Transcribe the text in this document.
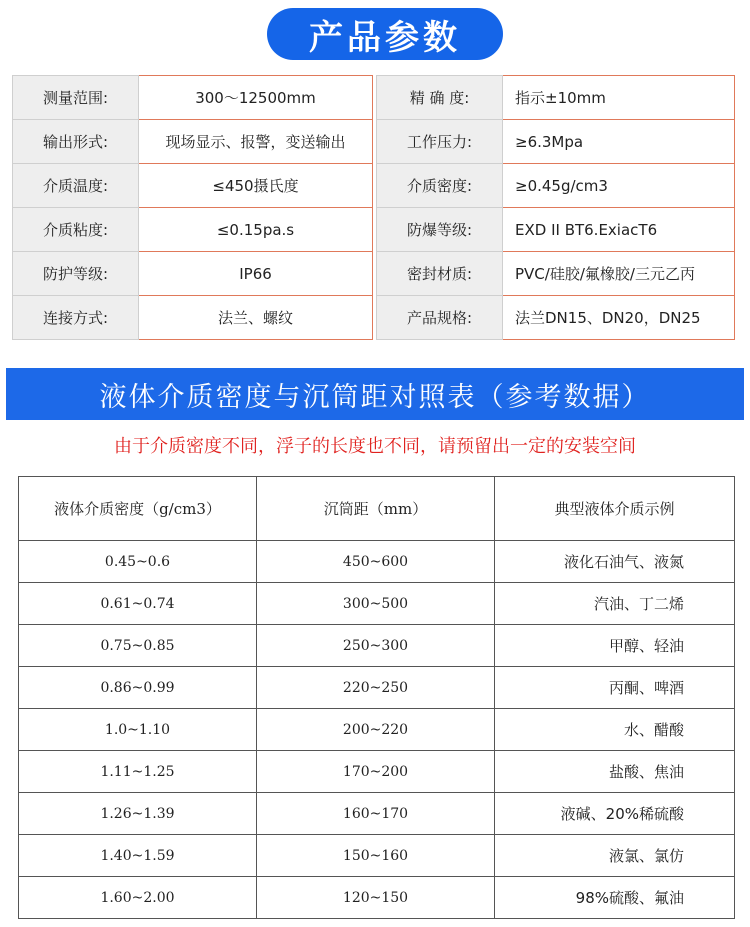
产品参数
测量范围:	300～12500mm		精 确 度:	指示±10mm
输出形式:	现场显示、报警，变送输出		工作压力:	≥6.3Mpa
介质温度:	≤450摄氏度		介质密度:	≥0.45g/cm3
介质粘度:	≤0.15pa.s		防爆等级:	EXD II BT6.ExiacT6
防护等级:	IP66		密封材质:	PVC/硅胶/氟橡胶/三元乙丙
连接方式:	法兰、螺纹		产品规格:	法兰DN15、DN20，DN25
液体介质密度与沉筒距对照表（参考数据）
由于介质密度不同，浮子的长度也不同，请预留出一定的安装空间
液体介质密度（g/cm3）	沉筒距（mm）	典型液体介质示例
0.45~0.6	450~600	液化石油气、液氮
0.61~0.74	300~500	汽油、丁二烯
0.75~0.85	250~300	甲醇、轻油
0.86~0.99	220~250	丙酮、啤酒
1.0~1.10	200~220	水、醋酸
1.11~1.25	170~200	盐酸、焦油
1.26~1.39	160~170	液碱、20%稀硫酸
1.40~1.59	150~160	液氯、氯仿
1.60~2.00	120~150	98%硫酸、氟油
